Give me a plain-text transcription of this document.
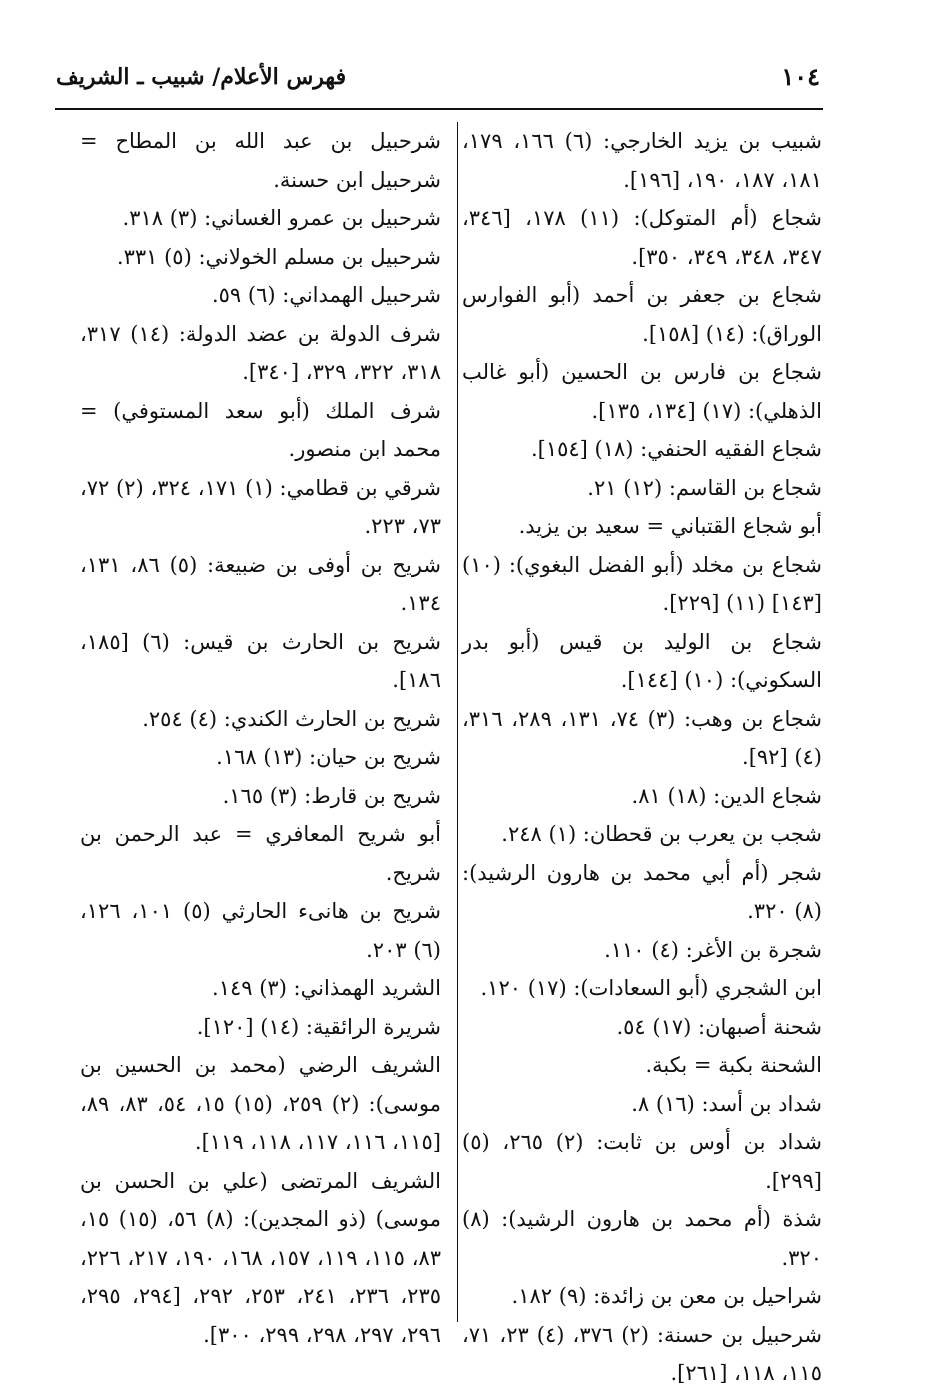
١٠٤
فهرس الأعلام/ شبيب ـ الشريف

شبيب بن يزيد الخارجي: (٦) ١٦٦، ١٧٩، ١٨١، ١٨٧، ١٩٠، [١٩٦].

شجاع (أم المتوكل): (١١) ١٧٨، [٣٤٦، ٣٤٧، ٣٤٨، ٣٤٩، ٣٥٠].

شجاع بن جعفر بن أحمد (أبو الفوارس الوراق): (١٤) [١٥٨].

شجاع بن فارس بن الحسين (أبو غالب الذهلي): (١٧) [١٣٤، ١٣٥].

شجاع الفقيه الحنفي: (١٨) [١٥٤].

شجاع بن القاسم: (١٢) ٢١.

أبو شجاع القتباني = سعيد بن يزيد.

شجاع بن مخلد (أبو الفضل البغوي): (١٠) [١٤٣] (١١) [٢٢٩].

شجاع بن الوليد بن قيس (أبو بدر السكوني): (١٠) [١٤٤].

شجاع بن وهب: (٣) ٧٤، ١٣١، ٢٨٩، ٣١٦، (٤) [٩٢].

شجاع الدين: (١٨) ٨١.

شجب بن يعرب بن قحطان: (١) ٢٤٨.

شجر (أم أبي محمد بن هارون الرشيد): (٨) ٣٢٠.

شجرة بن الأغر: (٤) ١١٠.

ابن الشجري (أبو السعادات): (١٧) ١٢٠.

شحنة أصبهان: (١٧) ٥٤.

الشحنة بكبة = بكبة.

شداد بن أسد: (١٦) ٨.

شداد بن أوس بن ثابت: (٢) ٢٦٥، (٥) [٢٩٩].

شذة (أم محمد بن هارون الرشيد): (٨) ٣٢٠.

شراحيل بن معن بن زائدة: (٩) ١٨٢.

شرحبيل بن حسنة: (٢) ٣٧٦، (٤) ٢٣، ٧١، ١١٥، ١١٨، [٢٦١].

شرحبيل بن عبد الله بن المطاح = شرحبيل ابن حسنة.

شرحبيل بن عمرو الغساني: (٣) ٣١٨.

شرحبيل بن مسلم الخولاني: (٥) ٣٣١.

شرحبيل الهمداني: (٦) ٥٩.

شرف الدولة بن عضد الدولة: (١٤) ٣١٧، ٣١٨، ٣٢٢، ٣٢٩، [٣٤٠].

شرف الملك (أبو سعد المستوفي) = محمد ابن منصور.

شرقي بن قطامي: (١) ١٧١، ٣٢٤، (٢) ٧٢، ٧٣، ٢٢٣.

شريح بن أوفى بن ضبيعة: (٥) ٨٦، ١٣١، ١٣٤.

شريح بن الحارث بن قيس: (٦) [١٨٥، ١٨٦].

شريح بن الحارث الكندي: (٤) ٢٥٤.

شريح بن حيان: (١٣) ١٦٨.

شريح بن قارط: (٣) ١٦٥.

أبو شريح المعافري = عبد الرحمن بن شريح.

شريح بن هانىء الحارثي (٥) ١٠١، ١٢٦، (٦) ٢٠٣.

الشريد الهمذاني: (٣) ١٤٩.

شريرة الرائقية: (١٤) [١٢٠].

الشريف الرضي (محمد بن الحسين بن موسى): (٢) ٢٥٩، (١٥) ١٥، ٥٤، ٨٣، ٨٩، [١١٥، ١١٦، ١١٧، ١١٨، ١١٩].

الشريف المرتضى (علي بن الحسن بن موسى) (ذو المجدين): (٨) ٥٦، (١٥) ١٥، ٨٣، ١١٥، ١١٩، ١٥٧، ١٦٨، ١٩٠، ٢١٧، ٢٢٦، ٢٣٥، ٢٣٦، ٢٤١، ٢٥٣، ٢٩٢، [٢٩٤، ٢٩٥، ٢٩٦، ٢٩٧، ٢٩٨، ٢٩٩، ٣٠٠].
